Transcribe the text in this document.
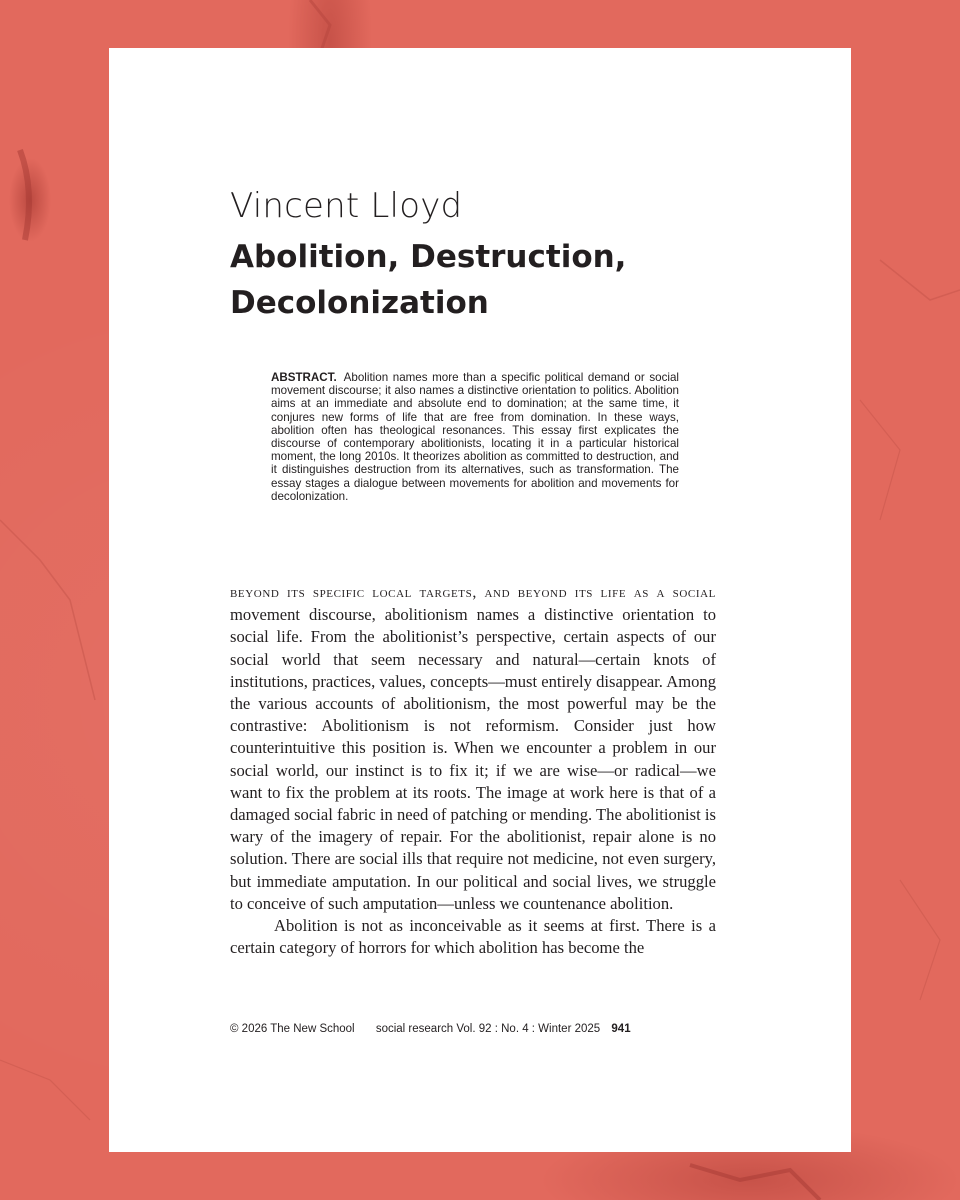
Vincent Lloyd
Abolition, Destruction,
Decolonization

ABSTRACT. Abolition names more than a specific political demand or social movement discourse; it also names a distinctive orientation to politics. Abolition aims at an immediate and absolute end to domination; at the same time, it conjures new forms of life that are free from domination. In these ways, abolition often has theological resonances. This essay first explicates the discourse of contemporary abolitionists, locating it in a particular historical moment, the long 2010s. It theorizes abolition as committed to destruction, and it distinguishes destruction from its alternatives, such as transformation. The essay stages a dialogue between movements for abolition and movements for decolonization.

beyond its specific local targets, and beyond its life as a social movement discourse, abolitionism names a distinctive orientation to social life. From the abolitionist’s perspective, certain aspects of our social world that seem necessary and natural—certain knots of institutions, practices, values, concepts—must entirely disappear. Among the various accounts of abolitionism, the most powerful may be the contrastive: Abolitionism is not reformism. Consider just how counterintuitive this position is. When we encounter a problem in our social world, our instinct is to fix it; if we are wise—or radical—we want to fix the problem at its roots. The image at work here is that of a damaged social fabric in need of patching or mending. The abolitionist is wary of the imagery of repair. For the abolitionist, repair alone is no solution. There are social ills that require not medicine, not even surgery, but immediate amputation. In our political and social lives, we struggle to conceive of such amputation—unless we countenance abolition.

Abolition is not as inconceivable as it seems at first. There is a certain category of horrors for which abolition has become the

© 2026 The New School social research Vol. 92 : No. 4 : Winter 2025 941
